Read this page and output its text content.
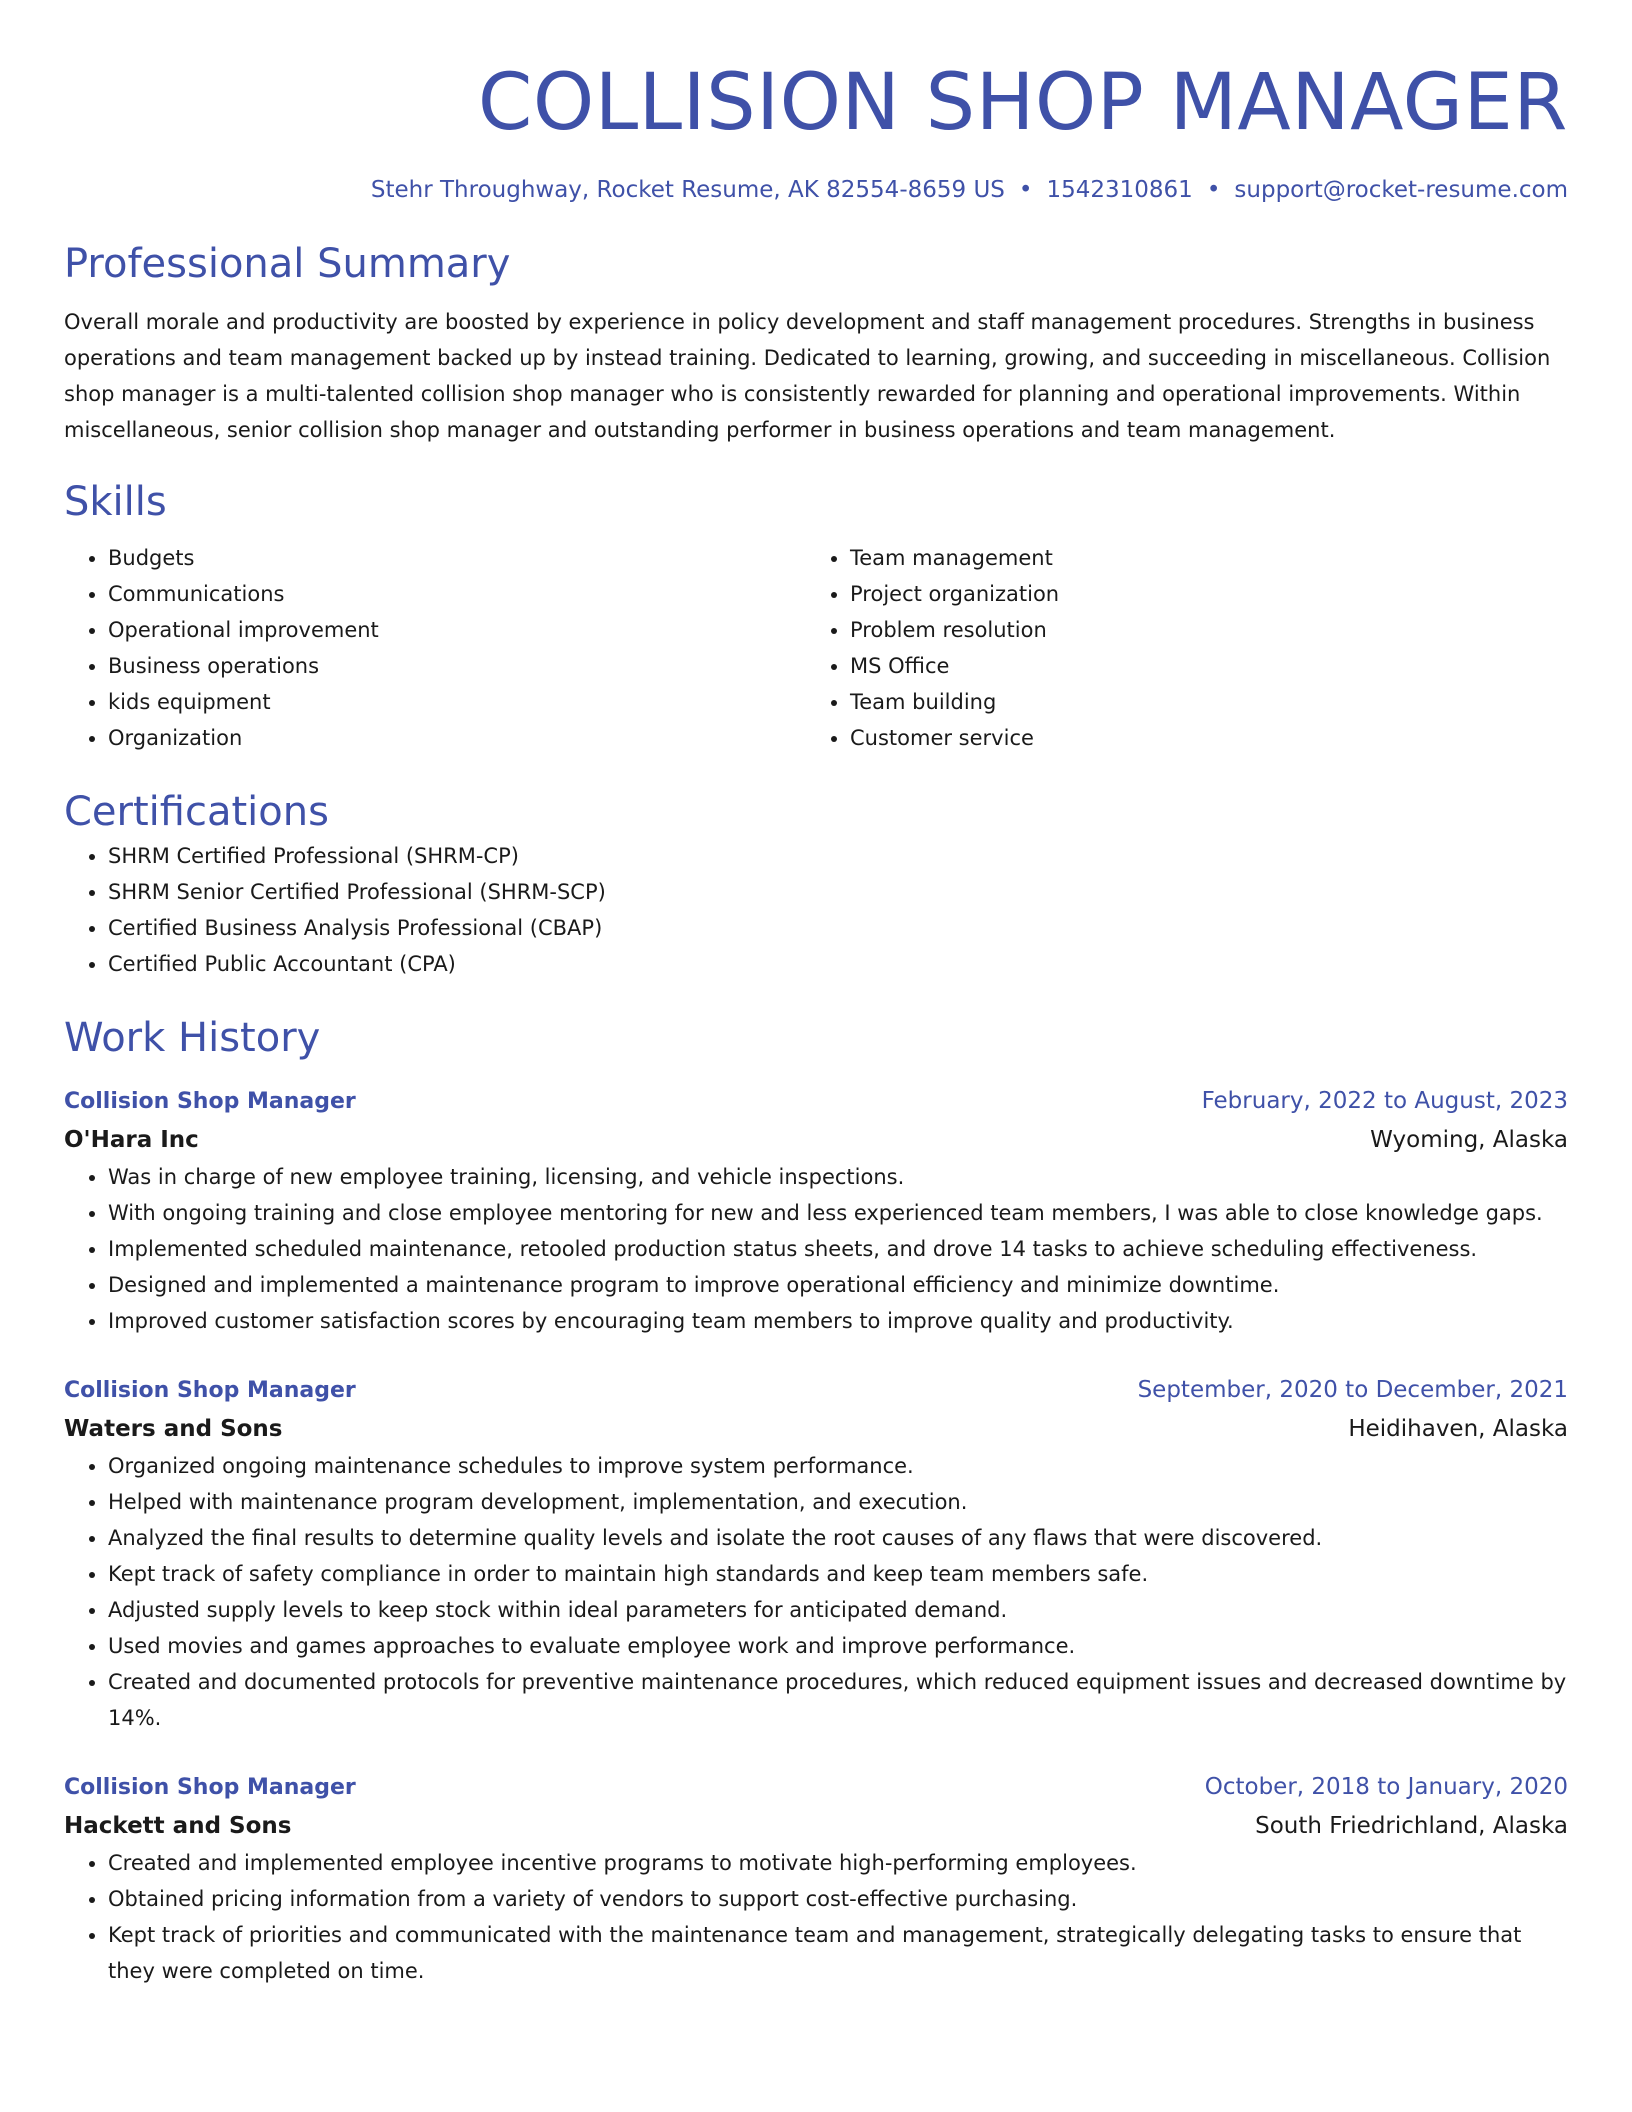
COLLISION SHOP MANAGER
Stehr Throughway, Rocket Resume, AK 82554-8659 US • 1542310861 • support@rocket-resume.com
Professional Summary

Overall morale and productivity are boosted by experience in policy development and staff management procedures. Strengths in business operations and team management backed up by instead training. Dedicated to learning, growing, and succeeding in miscellaneous. Collision shop manager is a multi-talented collision shop manager who is consistently rewarded for planning and operational improvements. Within miscellaneous, senior collision shop manager and outstanding performer in business operations and team management.

Skills
• Budgets
• Communications
• Operational improvement
• Business operations
• kids equipment
• Organization
• Team management
• Project organization
• Problem resolution
• MS Office
• Team building
• Customer service
Certifications
• SHRM Certified Professional (SHRM-CP)
• SHRM Senior Certified Professional (SHRM-SCP)
• Certified Business Analysis Professional (CBAP)
• Certified Public Accountant (CPA)
Work History
Collision Shop Manager	February, 2022 to August, 2023
O'Hara Inc	Wyoming, Alaska
• Was in charge of new employee training, licensing, and vehicle inspections.
• With ongoing training and close employee mentoring for new and less experienced team members, I was able to close knowledge gaps.
• Implemented scheduled maintenance, retooled production status sheets, and drove 14 tasks to achieve scheduling effectiveness.
• Designed and implemented a maintenance program to improve operational efficiency and minimize downtime.
• Improved customer satisfaction scores by encouraging team members to improve quality and productivity.
Collision Shop Manager	September, 2020 to December, 2021
Waters and Sons	Heidihaven, Alaska
• Organized ongoing maintenance schedules to improve system performance.
• Helped with maintenance program development, implementation, and execution.
• Analyzed the final results to determine quality levels and isolate the root causes of any flaws that were discovered.
• Kept track of safety compliance in order to maintain high standards and keep team members safe.
• Adjusted supply levels to keep stock within ideal parameters for anticipated demand.
• Used movies and games approaches to evaluate employee work and improve performance.
• Created and documented protocols for preventive maintenance procedures, which reduced equipment issues and decreased downtime by 14%.
Collision Shop Manager	October, 2018 to January, 2020
Hackett and Sons	South Friedrichland, Alaska
• Created and implemented employee incentive programs to motivate high-performing employees.
• Obtained pricing information from a variety of vendors to support cost-effective purchasing.
• Kept track of priorities and communicated with the maintenance team and management, strategically delegating tasks to ensure that they were completed on time.
